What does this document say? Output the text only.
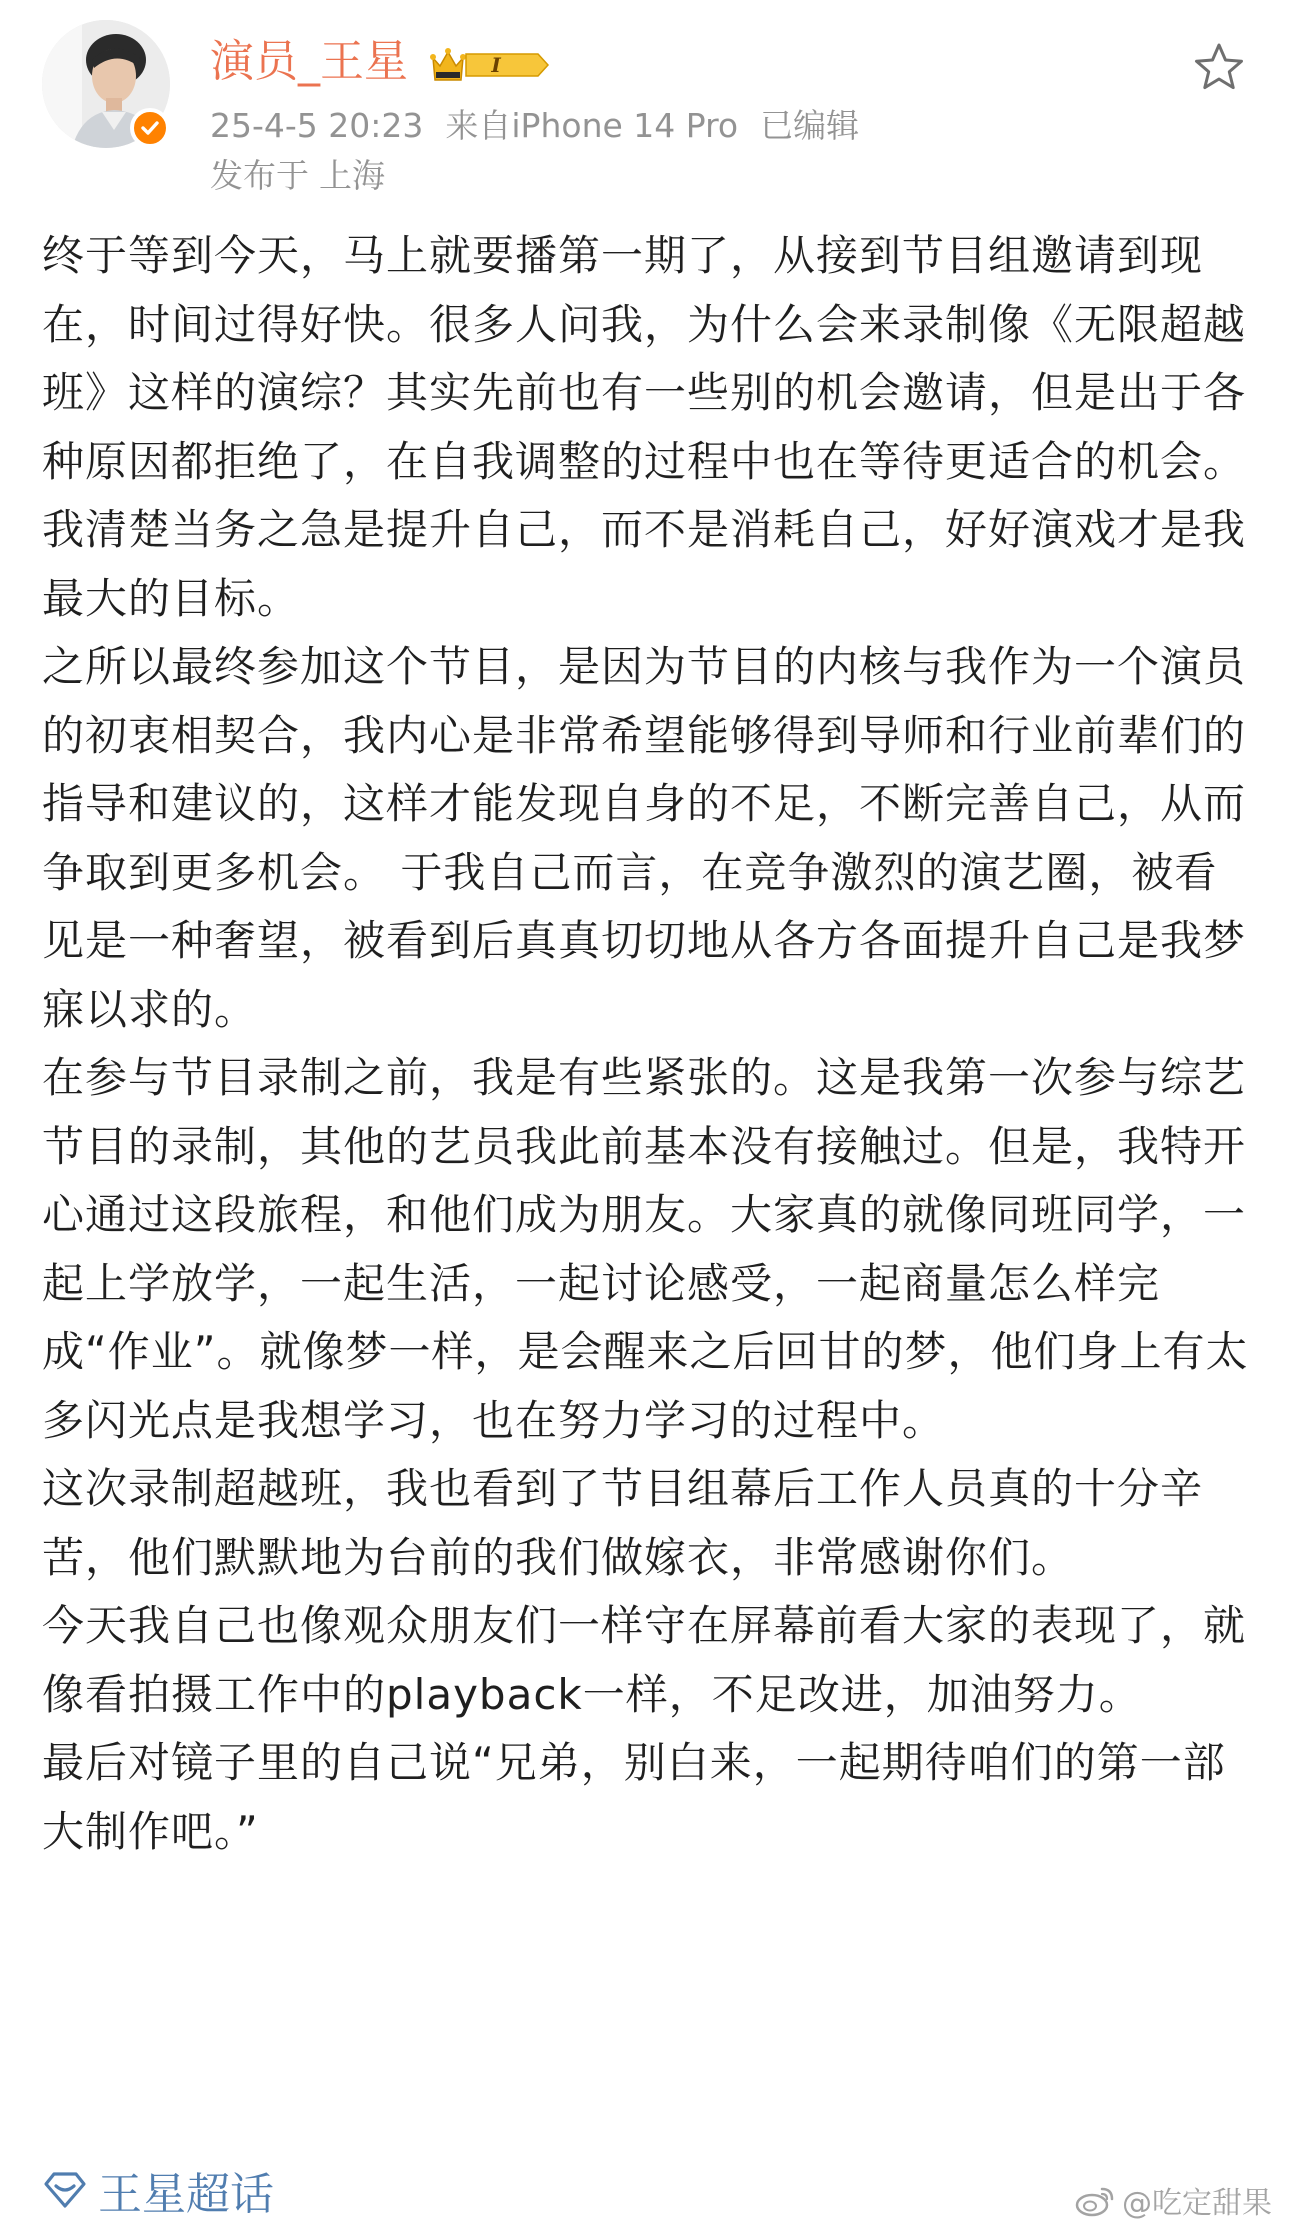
演员_王星	I
25-4-5 20:23 来自iPhone 14 Pro 已编辑
发布于 上海

终于等到今天，马上就要播第一期了，从接到节目组邀请到现在，时间过得好快。很多人问我，为什么会来录制像《无限超越班》这样的演综？其实先前也有一些别的机会邀请，但是出于各种原因都拒绝了，在自我调整的过程中也在等待更适合的机会。我清楚当务之急是提升自己，而不是消耗自己，好好演戏才是我最大的目标。

之所以最终参加这个节目，是因为节目的内核与我作为一个演员的初衷相契合，我内心是非常希望能够得到导师和行业前辈们的指导和建议的，这样才能发现自身的不足，不断完善自己，从而争取到更多机会。 于我自己而言，在竞争激烈的演艺圈，被看见是一种奢望，被看到后真真切切地从各方各面提升自己是我梦寐以求的。

在参与节目录制之前，我是有些紧张的。这是我第一次参与综艺节目的录制，其他的艺员我此前基本没有接触过。但是，我特开心通过这段旅程，和他们成为朋友。大家真的就像同班同学，一起上学放学，一起生活，一起讨论感受，一起商量怎么样完成“作业”。就像梦一样，是会醒来之后回甘的梦，他们身上有太多闪光点是我想学习，也在努力学习的过程中。

这次录制超越班，我也看到了节目组幕后工作人员真的十分辛苦，他们默默地为台前的我们做嫁衣，非常感谢你们。

今天我自己也像观众朋友们一样守在屏幕前看大家的表现了，就像看拍摄工作中的playback一样，不足改进，加油努力。

最后对镜子里的自己说“兄弟，别白来，一起期待咱们的第一部大制作吧。”

王星超话	@吃定甜果
